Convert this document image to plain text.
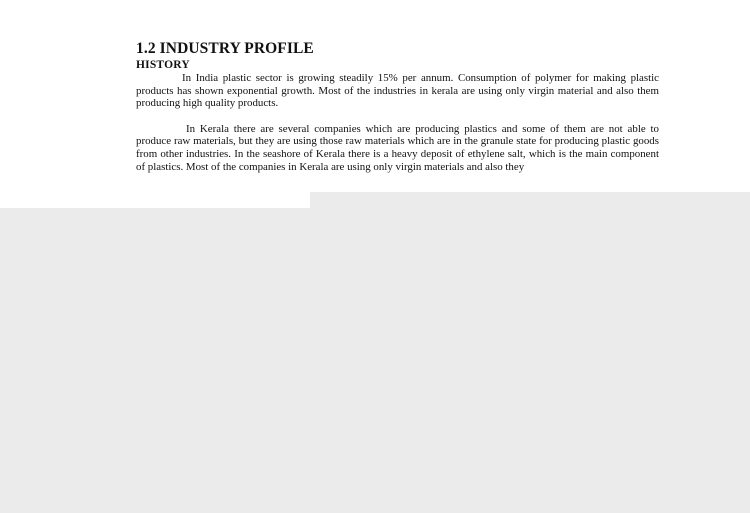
1.2 INDUSTRY PROFILE
HISTORY

In India plastic sector is growing steadily 15% per annum. Consumption of polymer for making plastic products has shown exponential growth. Most of the industries in kerala are using only virgin material and also them producing high quality products.

In Kerala there are several companies which are producing plastics and some of them are not able to produce raw materials, but they are using those raw materials which are in the granule state for producing plastic goods from other industries. In the seashore of Kerala there is a heavy deposit of ethylene salt, which is the main component of plastics. Most of the companies in Kerala are using only virgin materials and also they
